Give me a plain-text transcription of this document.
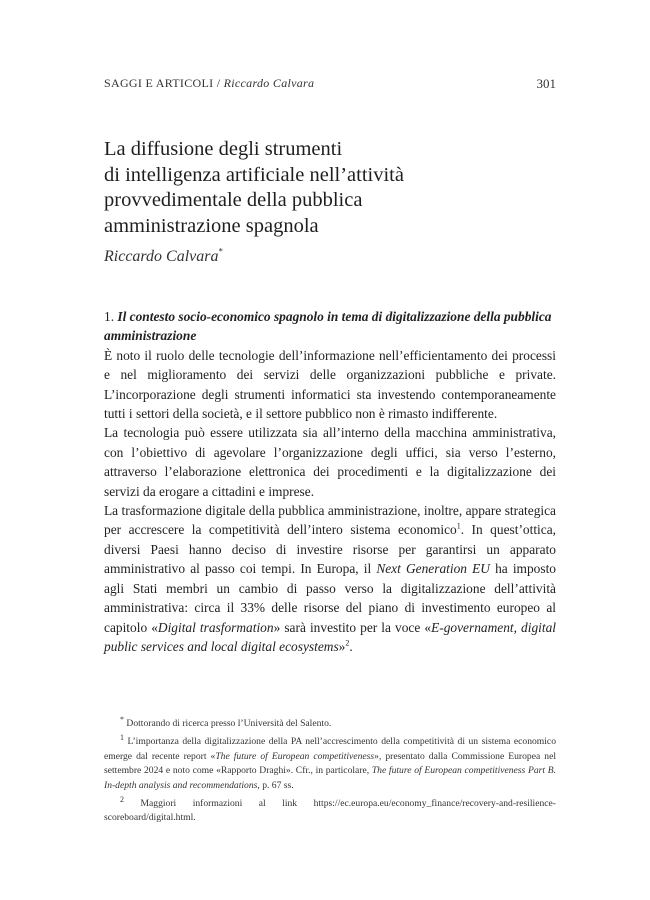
SAGGI E ARTICOLI / Riccardo Calvara	301
La diffusione degli strumenti
di intelligenza artificiale nell’attività
provvedimentale della pubblica
amministrazione spagnola
Riccardo Calvara*

1. Il contesto socio-economico spagnolo in tema di digitalizzazione della pubblica amministrazione

È noto il ruolo delle tecnologie dell’informazione nell’efficientamento dei processi e nel miglioramento dei servizi delle organizzazioni pubbliche e private. L’incorporazione degli strumenti informatici sta investendo contemporaneamente tutti i settori della società, e il settore pubblico non è rimasto indifferente.

La tecnologia può essere utilizzata sia all’interno della macchina amministrativa, con l’obiettivo di agevolare l’organizzazione degli uffici, sia verso l’esterno, attraverso l’elaborazione elettronica dei procedimenti e la digitalizzazione dei servizi da erogare a cittadini e imprese.

La trasformazione digitale della pubblica amministrazione, inoltre, appare strategica per accrescere la competitività dell’intero sistema economico$^1$. In quest’ottica, diversi Paesi hanno deciso di investire risorse per garantirsi un apparato amministrativo al passo coi tempi. In Europa, il Next Generation EU ha imposto agli Stati membri un cambio di passo verso la digitalizzazione dell’attività amministrativa: circa il 33% delle risorse del piano di investimento europeo al capitolo «Digital trasformation» sarà investito per la voce «E-governament, digital public services and local digital ecosystems»$^2$.

* Dottorando di ricerca presso l’Università del Salento.

$^1$ L’importanza della digitalizzazione della PA nell’accrescimento della competitività di un sistema economico emerge dal recente report «The future of European competitiveness», presentato dalla Commissione Europea nel settembre 2024 e noto come «Rapporto Draghi». Cfr., in particolare, The future of European competitiveness Part B. In-depth analysis and recommendations, p. 67 ss.

$^2$ Maggiori informazioni al link https://ec.europa.eu/economy_finance/recovery-and-resilience-scoreboard/digital.html.
